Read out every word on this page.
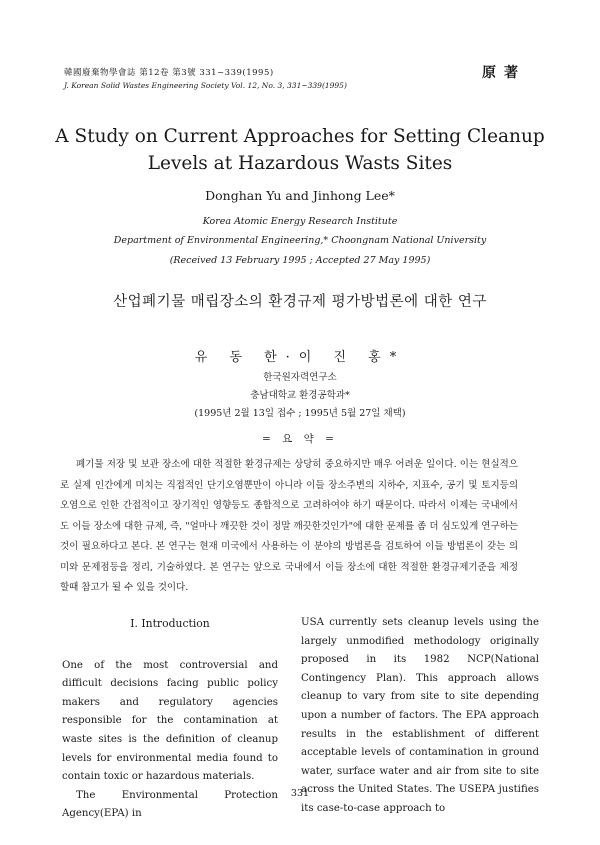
韓國廢棄物學會誌 第12卷 第3號 331~339(1995)
J. Korean Solid Wastes Engineering Society Vol. 12, No. 3, 331~339(1995)
原著
A Study on Current Approaches for Setting Cleanup Levels at Hazardous Wasts Sites
Donghan Yu and Jinhong Lee*
Korea Atomic Energy Research Institute
Department of Environmental Engineering,* Choongnam National University
(Received 13 February 1995 ; Accepted 27 May 1995)
산업폐기물 매립장소의 환경규제 평가방법론에 대한 연구
유 동 한·이 진 홍*
한국원자력연구소
충남대학교 환경공학과*
(1995년 2월 13일 접수 ; 1995년 5월 27일 채택)
= 요 약 =
폐기물 저장 및 보관 장소에 대한 적절한 환경규제는 상당히 중요하지만 매우 어려운 일이다. 이는 현실적으로 실제 인간에게 미치는 직접적인 단기오염뿐만이 아니라 이들 장소주변의 지하수, 지표수, 공기 및 토지등의 오염으로 인한 간접적이고 장기적인 영향등도 종합적으로 고려하여야 하기 때문이다. 따라서 이제는 국내에서도 이들 장소에 대한 규제, 즉, "얼마나 깨끗한 것이 정말 깨끗한것인가"에 대한 문제를 좀 더 심도있게 연구하는 것이 필요하다고 본다. 본 연구는 현재 미국에서 사용하는 이 분야의 방법론을 검토하여 이들 방법론이 갖는 의미와 문제점등을 정리, 기술하였다. 본 연구는 앞으로 국내에서 이들 장소에 대한 적절한 환경규제기준을 제정할때 참고가 될 수 있을 것이다.
Ⅰ. Introduction

One of the most controversial and difficult decisions facing public policy makers and regulatory agencies responsible for the contamination at waste sites is the definition of cleanup levels for environmental media found to contain toxic or hazardous materials.

The Environmental Protection Agency(EPA) in

USA currently sets cleanup levels using the largely unmodified methodology originally proposed in its 1982 NCP(National Contingency Plan). This approach allows cleanup to vary from site to site depending upon a number of factors. The EPA approach results in the establishment of different acceptable levels of contamination in ground water, surface water and air from site to site across the United States. The USEPA justifies its case-to-case approach to

331
